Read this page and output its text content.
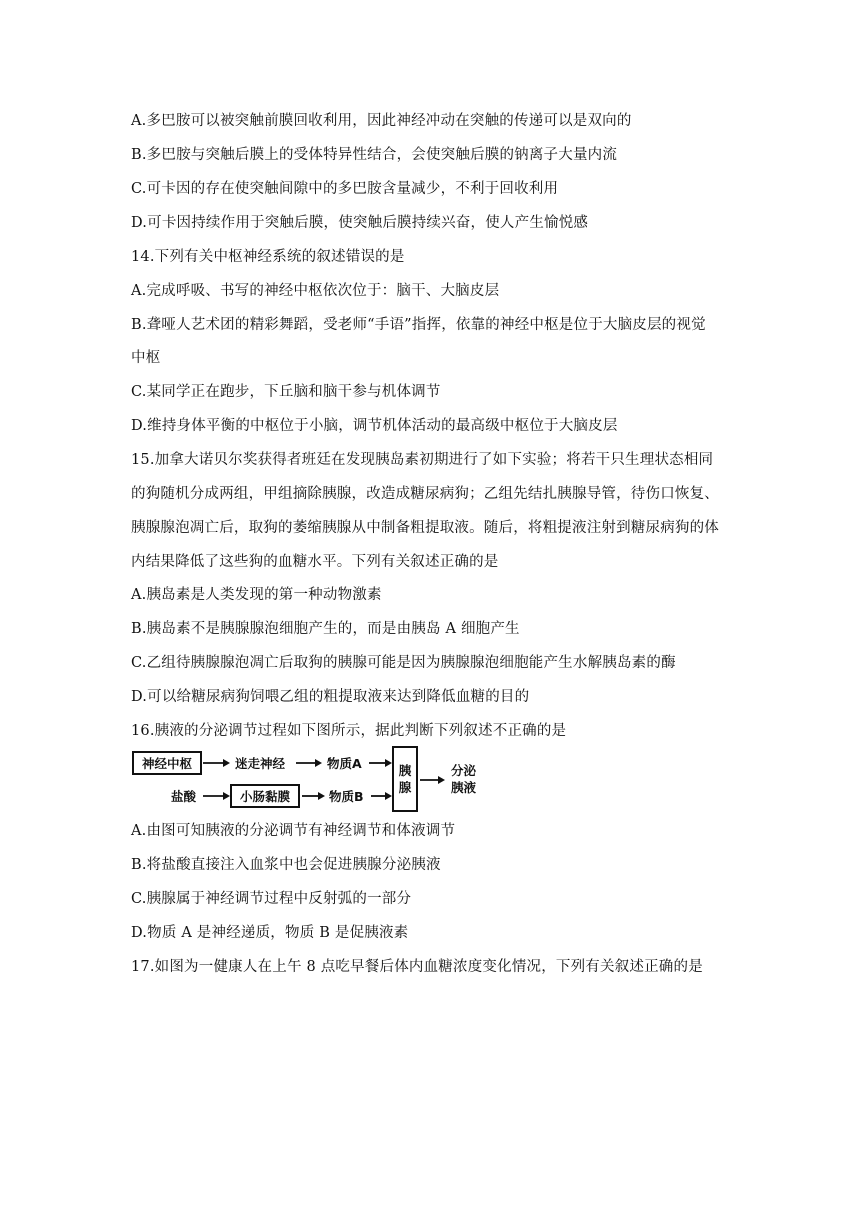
A.多巴胺可以被突触前膜回收利用，因此神经冲动在突触的传递可以是双向的
B.多巴胺与突触后膜上的受体特异性结合，会使突触后膜的钠离子大量内流
C.可卡因的存在使突触间隙中的多巴胺含量减少，不利于回收利用
D.可卡因持续作用于突触后膜，使突触后膜持续兴奋，使人产生愉悦感
14.下列有关中枢神经系统的叙述错误的是
A.完成呼吸、书写的神经中枢依次位于：脑干、大脑皮层
B.聋哑人艺术团的精彩舞蹈，受老师“手语”指挥，依靠的神经中枢是位于大脑皮层的视觉
中枢
C.某同学正在跑步，下丘脑和脑干参与机体调节
D.维持身体平衡的中枢位于小脑，调节机体活动的最高级中枢位于大脑皮层
15.加拿大诺贝尔奖获得者班廷在发现胰岛素初期进行了如下实验；将若干只生理状态相同
的狗随机分成两组，甲组摘除胰腺，改造成糖尿病狗；乙组先结扎胰腺导管，待伤口恢复、
胰腺腺泡凋亡后，取狗的萎缩胰腺从中制备粗提取液。随后，将粗提液注射到糖尿病狗的体
内结果降低了这些狗的血糖水平。下列有关叙述正确的是
A.胰岛素是人类发现的第一种动物激素
B.胰岛素不是胰腺腺泡细胞产生的，而是由胰岛 A 细胞产生
C.乙组待胰腺腺泡凋亡后取狗的胰腺可能是因为胰腺腺泡细胞能产生水解胰岛素的酶
D.可以给糖尿病狗饲喂乙组的粗提取液来达到降低血糖的目的
16.胰液的分泌调节过程如下图所示，据此判断下列叙述不正确的是
神经中枢	迷走神经	物质A
盐酸	小肠黏膜	物质B
胰
腺
分泌
胰液
A.由图可知胰液的分泌调节有神经调节和体液调节
B.将盐酸直接注入血浆中也会促进胰腺分泌胰液
C.胰腺属于神经调节过程中反射弧的一部分
D.物质 A 是神经递质，物质 B 是促胰液素
17.如图为一健康人在上午 8 点吃早餐后体内血糖浓度变化情况，下列有关叙述正确的是
